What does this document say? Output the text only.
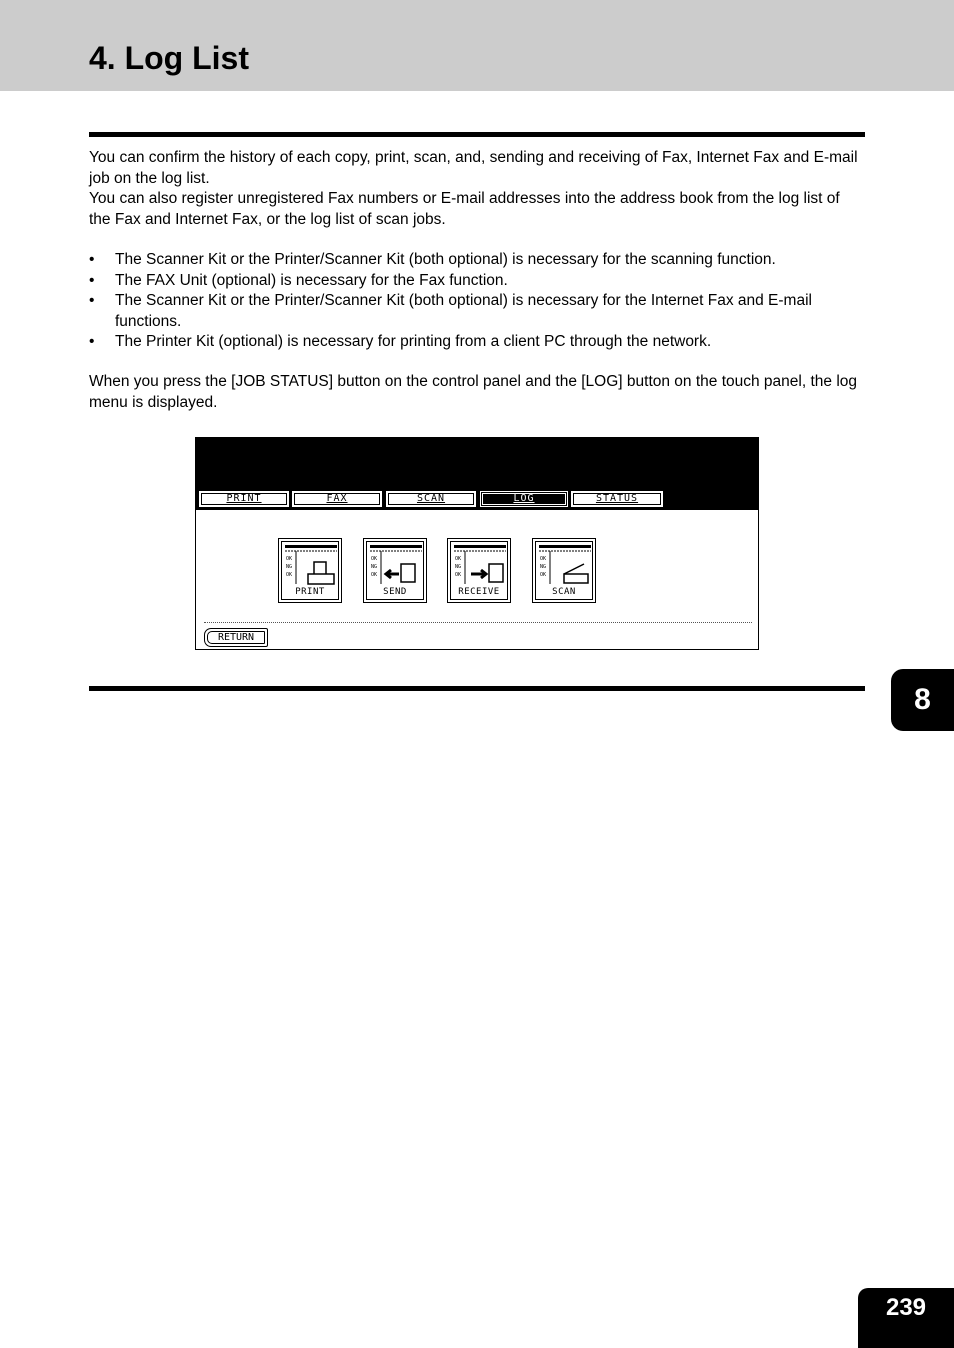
4. Log List
You can confirm the history of each copy, print, scan, and, sending and receiving of Fax, Internet Fax and E-mail job on the log list.
You can also register unregistered Fax numbers or E-mail addresses into the address book from the log list of the Fax and Internet Fax, or the log list of scan jobs.
• The Scanner Kit or the Printer/Scanner Kit (both optional) is necessary for the scanning function.
• The FAX Unit (optional) is necessary for the Fax function.
• The Scanner Kit or the Printer/Scanner Kit (both optional) is necessary for the Internet Fax and E-mail functions.
• The Printer Kit (optional) is necessary for printing from a client PC through the network.

When you press the [JOB STATUS] button on the control panel and the [LOG] button on the touch panel, the log menu is displayed.

PRINT	FAX	SCAN	LOG	STATUS
OK
NG
OK
PRINT
OK
NG
OK
SEND
OK
NG
OK
RECEIVE
OK
NG
OK
SCAN
RETURN
8
239
